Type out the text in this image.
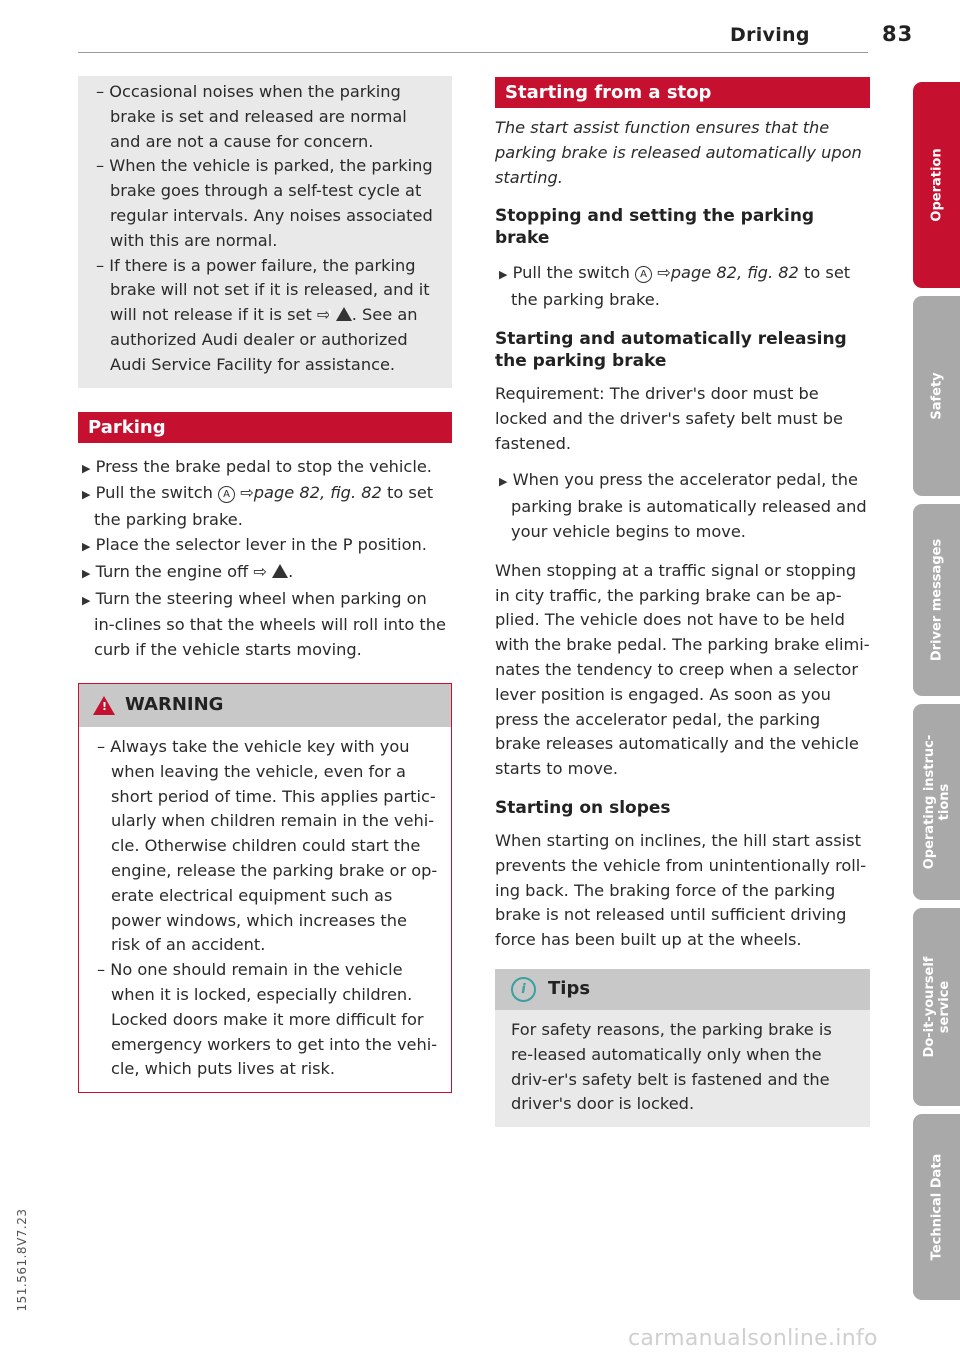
Driving	83

– Occasional noises when the parking brake is set and released are normal and are not a cause for concern.

– When the vehicle is parked, the parking brake goes through a self-test cycle at regular intervals. Any noises associated with this are normal.

– If there is a power failure, the parking brake will not set if it is released, and it will not release if it is set ⇨ ! . See an authorized Audi dealer or authorized Audi Service Facility for assistance.

Parking

▶ Press the brake pedal to stop the vehicle.

▶ Pull the switch A ⇨page 82, fig. 82 to set the parking brake.

▶ Place the selector lever in the P position.

▶ Turn the engine off ⇨ ! .

▶ Turn the steering wheel when parking on in-clines so that the wheels will roll into the curb if the vehicle starts moving.

!
WARNING

– Always take the vehicle key with you when leaving the vehicle, even for a short period of time. This applies partic-ularly when children remain in the vehi-cle. Otherwise children could start the engine, release the parking brake or op-erate electrical equipment such as power windows, which increases the risk of an accident.

– No one should remain in the vehicle when it is locked, especially children. Locked doors make it more difficult for emergency workers to get into the vehi-cle, which puts lives at risk.

Starting from a stop

The start assist function ensures that the parking brake is released automatically upon starting.

Stopping and setting the parking brake

▶ Pull the switch A ⇨page 82, fig. 82 to set the parking brake.

Starting and automatically releasing the parking brake

Requirement: The driver's door must be locked and the driver's safety belt must be fastened.

▶ When you press the accelerator pedal, the parking brake is automatically released and your vehicle begins to move.

When stopping at a traffic signal or stopping in city traffic, the parking brake can be ap-plied. The vehicle does not have to be held with the brake pedal. The parking brake elimi-nates the tendency to creep when a selector lever position is engaged. As soon as you press the accelerator pedal, the parking brake releases automatically and the vehicle starts to move.

Starting on slopes

When starting on inclines, the hill start assist prevents the vehicle from unintentionally roll-ing back. The braking force of the parking brake is not released until sufficient driving force has been built up at the wheels.

i	Tips

For safety reasons, the parking brake is re-leased automatically only when the driv-er's safety belt is fastened and the driver's door is locked.

Operation
Safety
Driver messages
Operating instruc-tions
Do-it-yourself service
Technical Data
151.561.8V7.23
carmanualsonline.info
